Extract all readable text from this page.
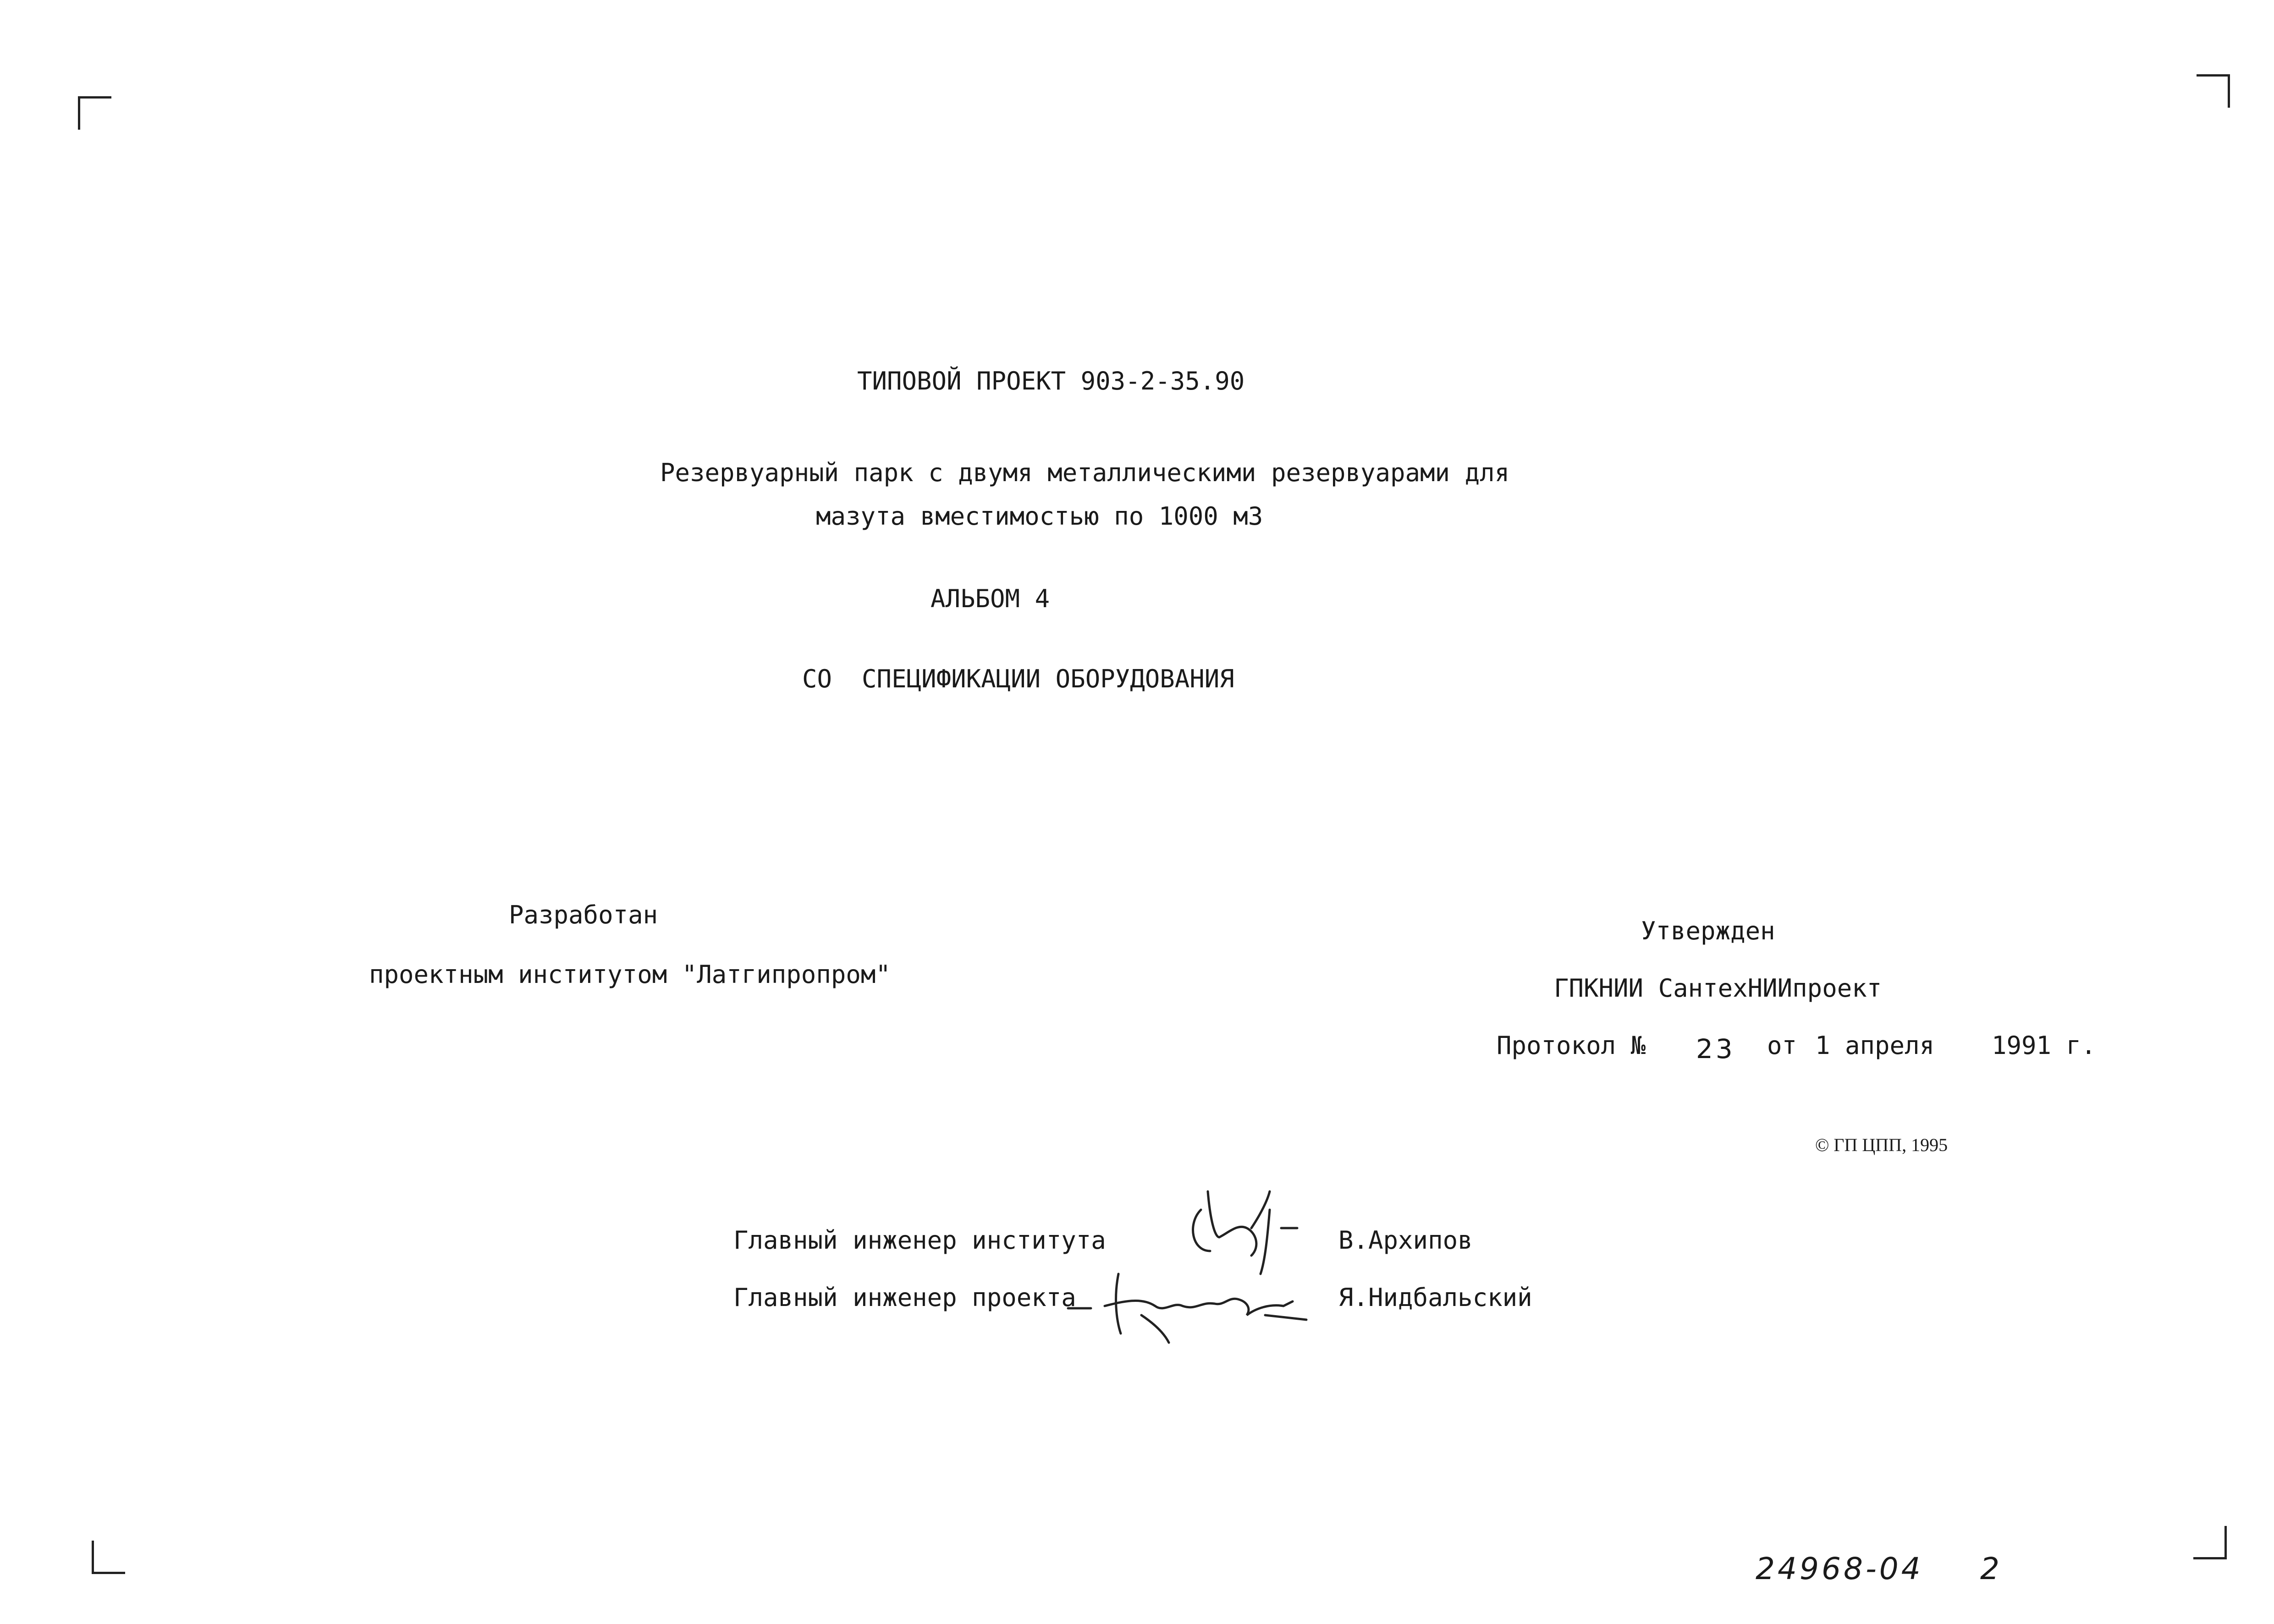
ТИПОВОЙ ПРОЕКТ 903-2-35.90
Резервуарный парк с двумя металлическими резервуарами для
мазута вместимостью по 1000 м3
АЛЬБОМ 4
СО  СПЕЦИФИКАЦИИ ОБОРУДОВАНИЯ
Разработан
проектным институтом "Латгипропром"
Утвержден
ГПКНИИ СантехНИИпроект
Протокол № 23 от 1 апреля 1991 г.
© ГП ЦПП, 1995
Главный инженер института	В.Архипов
Главный инженер проекта	Я.Нидбальский
24968-04 2
